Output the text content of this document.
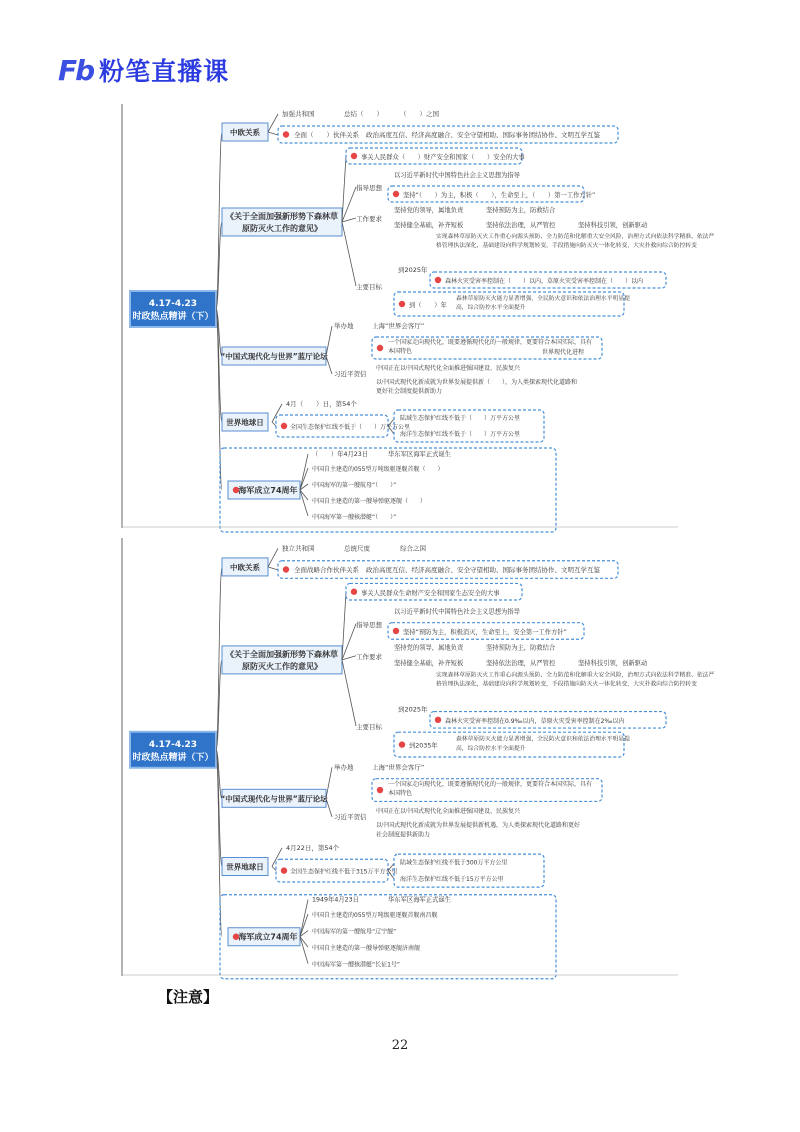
Fb 粉笔直播课
4.17-4.23
时政热点精讲（下）
中欧关系
《关于全面加强新形势下森林草
原防灭火工作的意见》
“中国式现代化与世界”蓝厅论坛
世界地球日
海军成立74周年
加强共和国	总结（　　）	（　　）之国
全面（　　）伙伴关系 政治高度互信、经济高度融合、安全守望相助、国际事务团结协作、文明互学互鉴
事关人民群众（　　）财产安全和国家（　　）安全的大事
指导思想
以习近平新时代中国特色社会主义思想为指导
坚持“（　　）为主，积极（　　），生命至上，（　　）第一工作方针”
工作要求
坚持党的领导，属地负责	坚持预防为主，防救结合
坚持健全基础，补齐短板	坚持依法治理，从严管控	坚持科技引领，创新驱动
主要目标
到2025年
实现森林草原防灭火工作重心向源头预防、全力防范和化解重大安全风险，治理方式向依法科学精准、依法严
格管理执法深化，基础建设向科学规划转变，手段措施向防灭火一体化转变，大灾扑救向综合防控转变
森林火灾受害率控制在（　　）以内，草原火灾受害率控制在（　　）以内
到（　　）年
森林草原防灭火能力显著增强，全民防火意识和依法治理水平明显提
高，综合防控水平全面提升
举办地	上海“世界会客厅”
习近平贺信
一个国家走向现代化，既要遵循现代化的一般规律，更要符合本国实际，具有
本国特色	世界现代化进程
中国正在以中国式现代化全面推进强国建设、民族复兴
以中国式现代化新成就为世界发展提供新（　　），为人类探索现代化道路和
更好社会制度提供新助力
4月（　　）日，第54个
全国生态保护红线不低于（　　）万平方公里
陆域生态保护红线不低于（　　）万平方公里
海洋生态保护红线不低于（　　）万平方公里
（　　）年4月23日	华东军区海军正式诞生
中国自主建造的055型万吨级驱逐舰首舰（　　）
中国海军的第一艘航母“（　　）”
中国自主建造的第一艘导弹驱逐舰（　　）
中国海军第一艘核潜艇“（　　）”
4.17-4.23
时政热点精讲（下）
中欧关系
《关于全面加强新形势下森林草
原防灭火工作的意见》
“中国式现代化与世界”蓝厅论坛
世界地球日
海军成立74周年
独立共和国	总统尺度	综合之国
全面战略合作伙伴关系 政治高度互信、经济高度融合、安全守望相助、国际事务团结协作、文明互学互鉴
事关人民群众生命财产安全和国家生态安全的大事
指导思想
以习近平新时代中国特色社会主义思想为指导
坚持“预防为主，积极消灭，生命至上，安全第一工作方针”
工作要求
坚持党的领导，属地负责	坚持预防为主，防救结合
坚持健全基础，补齐短板	坚持依法治理，从严管控	坚持科技引领，创新驱动
主要目标
到2025年
实现森林草原防灭火工作重心向源头预防、全力防范和化解重大安全风险，治理方式向依法科学精准、依法严
格管理执法深化，基础建设向科学规划转变，手段措施向防灭火一体化转变，大灾扑救向综合防控转变
森林火灾受害率控制在0.9‰以内，草原火灾受害率控制在2‰以内
到2035年
森林草原防灭火能力显著增强，全民防火意识和依法治理水平明显提
高，综合防控水平全面提升
举办地	上海“世界会客厅”
习近平贺信
一个国家走向现代化，既要遵循现代化的一般规律，更要符合本国实际，具有
本国特色
中国正在以中国式现代化全面推进强国建设、民族复兴
以中国式现代化新成就为世界发展提供新机遇，为人类探索现代化道路和更好
社会制度提供新助力
4月22日，第54个
全国生态保护红线不低于315万平方公里
陆域生态保护红线不低于300万平方公里
海洋生态保护红线不低于15万平方公里
1949年4月23日	华东军区海军正式诞生
中国自主建造的055型万吨级驱逐舰首舰南昌舰
中国海军的第一艘航母“辽宁舰”
中国自主建造的第一艘导弹驱逐舰济南舰
中国海军第一艘核潜艇“长征1号”
【注意】
22
